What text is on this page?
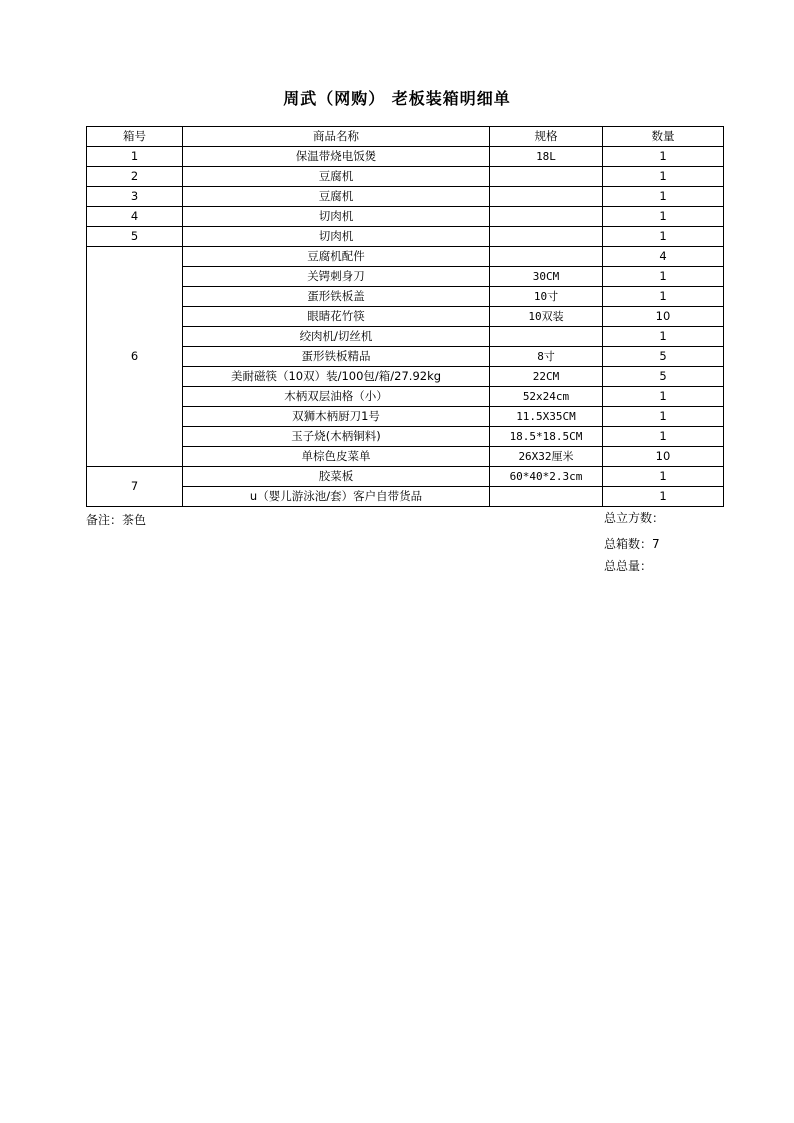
周武（网购） 老板装箱明细单
箱号	商品名称	规格	数量
1	保温带烧电饭煲	18L	1
2	豆腐机		1
3	豆腐机		1
4	切肉机		1
5	切肉机		1
6	豆腐机配件		4
	关锷刺身刀	30CM	1
	蛋形铁板盖	10寸	1
	眼睛花竹筷	10双装	10
	绞肉机/切丝机		1
	蛋形铁板精品	8寸	5
	美耐磁筷（10双）装/100包/箱/27.92kg	22CM	5
	木柄双层油格（小）	52x24cm	1
	双狮木柄厨刀1号	11.5X35CM	1
	玉子烧(木柄铜料)	18.5*18.5CM	1
	单棕色皮菜单	26X32厘米	10
7	胶菜板	60*40*2.3cm	1
	u（婴儿游泳池/套）客户自带货品		1
备注：茶色	总立方数：
总箱数：7
总总量：
